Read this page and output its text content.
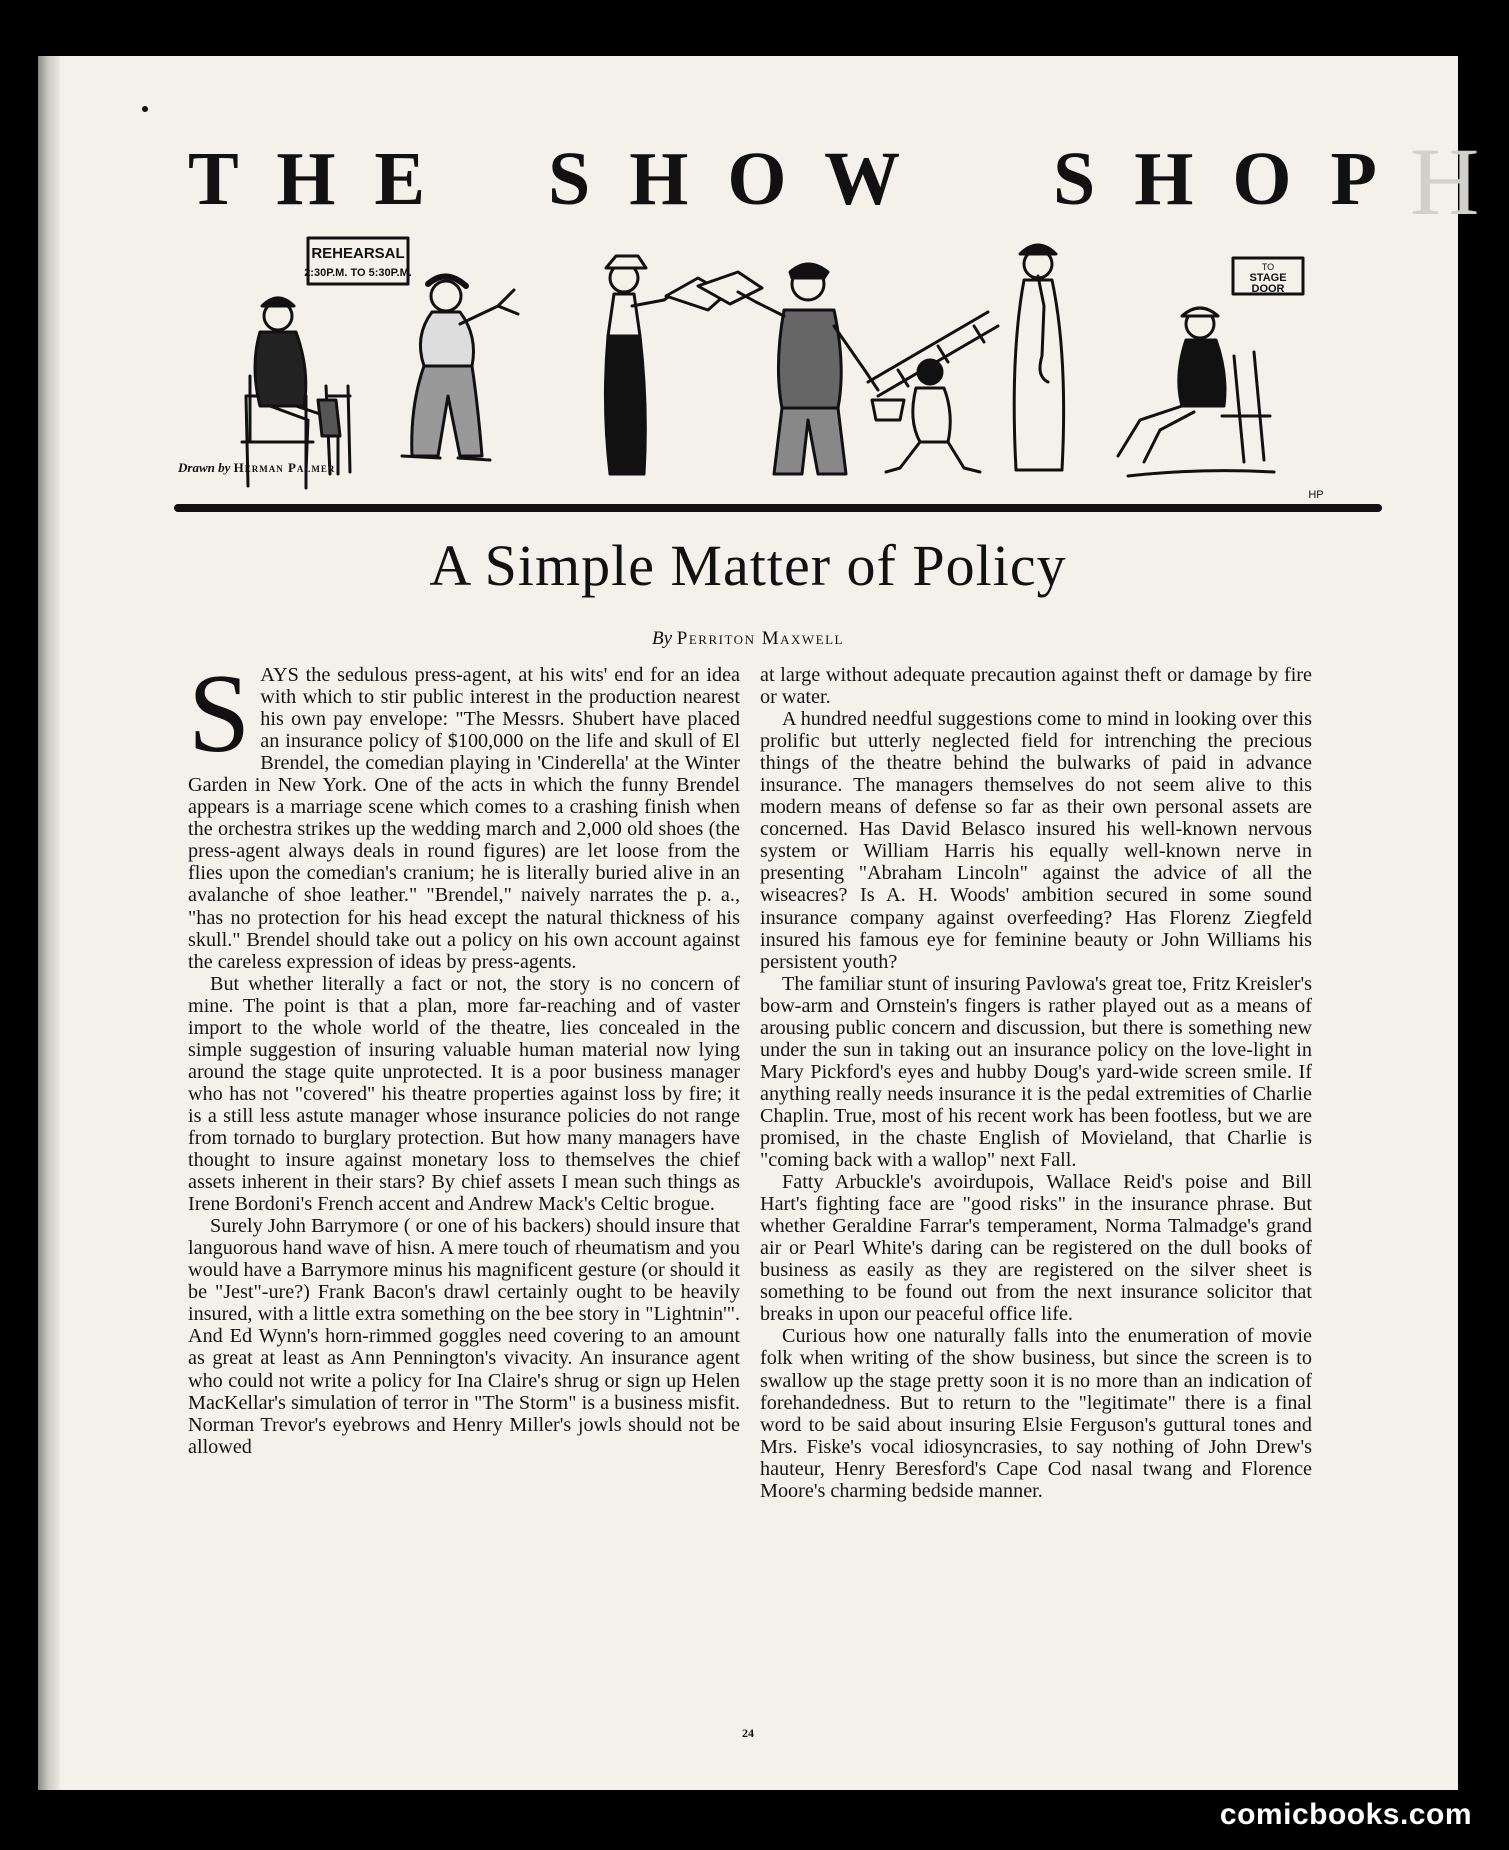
H
T H E S H O W S H O P
REHEARSAL
2:30P.M. TO 5:30P.M.	TO
STAGE
DOOR
HP
Drawn by Herman Palmer
A Simple Matter of Policy
By Perriton Maxwell

SAYS the sedulous press-agent, at his wits' end for an idea with which to stir public interest in the production nearest his own pay envelope: "The Messrs. Shubert have placed an insurance policy of $100,000 on the life and skull of El Brendel, the comedian playing in 'Cinderella' at the Winter Garden in New York. One of the acts in which the funny Brendel appears is a marriage scene which comes to a crashing finish when the orchestra strikes up the wedding march and 2,000 old shoes (the press-agent always deals in round figures) are let loose from the flies upon the comedian's cranium; he is literally buried alive in an avalanche of shoe leather." "Brendel," naively narrates the p. a., "has no protection for his head except the natural thickness of his skull." Brendel should take out a policy on his own account against the careless expression of ideas by press-agents.

But whether literally a fact or not, the story is no concern of mine. The point is that a plan, more far-reaching and of vaster import to the whole world of the theatre, lies concealed in the simple suggestion of insuring valuable human material now lying around the stage quite unprotected. It is a poor business manager who has not "covered" his theatre properties against loss by fire; it is a still less astute manager whose insurance policies do not range from tornado to burglary protection. But how many managers have thought to insure against monetary loss to themselves the chief assets inherent in their stars? By chief assets I mean such things as Irene Bordoni's French accent and Andrew Mack's Celtic brogue.

Surely John Barrymore ( or one of his backers) should insure that languorous hand wave of hisn. A mere touch of rheumatism and you would have a Barrymore minus his magnificent gesture (or should it be "Jest"-ure?) Frank Bacon's drawl certainly ought to be heavily insured, with a little extra something on the bee story in "Lightnin'". And Ed Wynn's horn-rimmed goggles need covering to an amount as great at least as Ann Pennington's vivacity. An insurance agent who could not write a policy for Ina Claire's shrug or sign up Helen MacKellar's simulation of terror in "The Storm" is a business misfit. Norman Trevor's eyebrows and Henry Miller's jowls should not be allowed

at large without adequate precaution against theft or damage by fire or water.

A hundred needful suggestions come to mind in looking over this prolific but utterly neglected field for intrenching the precious things of the theatre behind the bulwarks of paid in advance insurance. The managers themselves do not seem alive to this modern means of defense so far as their own personal assets are concerned. Has David Belasco insured his well-known nervous system or William Harris his equally well-known nerve in presenting "Abraham Lincoln" against the advice of all the wiseacres? Is A. H. Woods' ambition secured in some sound insurance company against overfeeding? Has Florenz Ziegfeld insured his famous eye for feminine beauty or John Williams his persistent youth?

The familiar stunt of insuring Pavlowa's great toe, Fritz Kreisler's bow-arm and Ornstein's fingers is rather played out as a means of arousing public concern and discussion, but there is something new under the sun in taking out an insurance policy on the love-light in Mary Pickford's eyes and hubby Doug's yard-wide screen smile. If anything really needs insurance it is the pedal extremities of Charlie Chaplin. True, most of his recent work has been footless, but we are promised, in the chaste English of Movieland, that Charlie is "coming back with a wallop" next Fall.

Fatty Arbuckle's avoirdupois, Wallace Reid's poise and Bill Hart's fighting face are "good risks" in the insurance phrase. But whether Geraldine Farrar's temperament, Norma Talmadge's grand air or Pearl White's daring can be registered on the dull books of business as easily as they are registered on the silver sheet is something to be found out from the next insurance solicitor that breaks in upon our peaceful office life.

Curious how one naturally falls into the enumeration of movie folk when writing of the show business, but since the screen is to swallow up the stage pretty soon it is no more than an indication of forehandedness. But to return to the "legitimate" there is a final word to be said about insuring Elsie Ferguson's guttural tones and Mrs. Fiske's vocal idiosyncrasies, to say nothing of John Drew's hauteur, Henry Beresford's Cape Cod nasal twang and Florence Moore's charming bedside manner.

24
comicbooks.com
